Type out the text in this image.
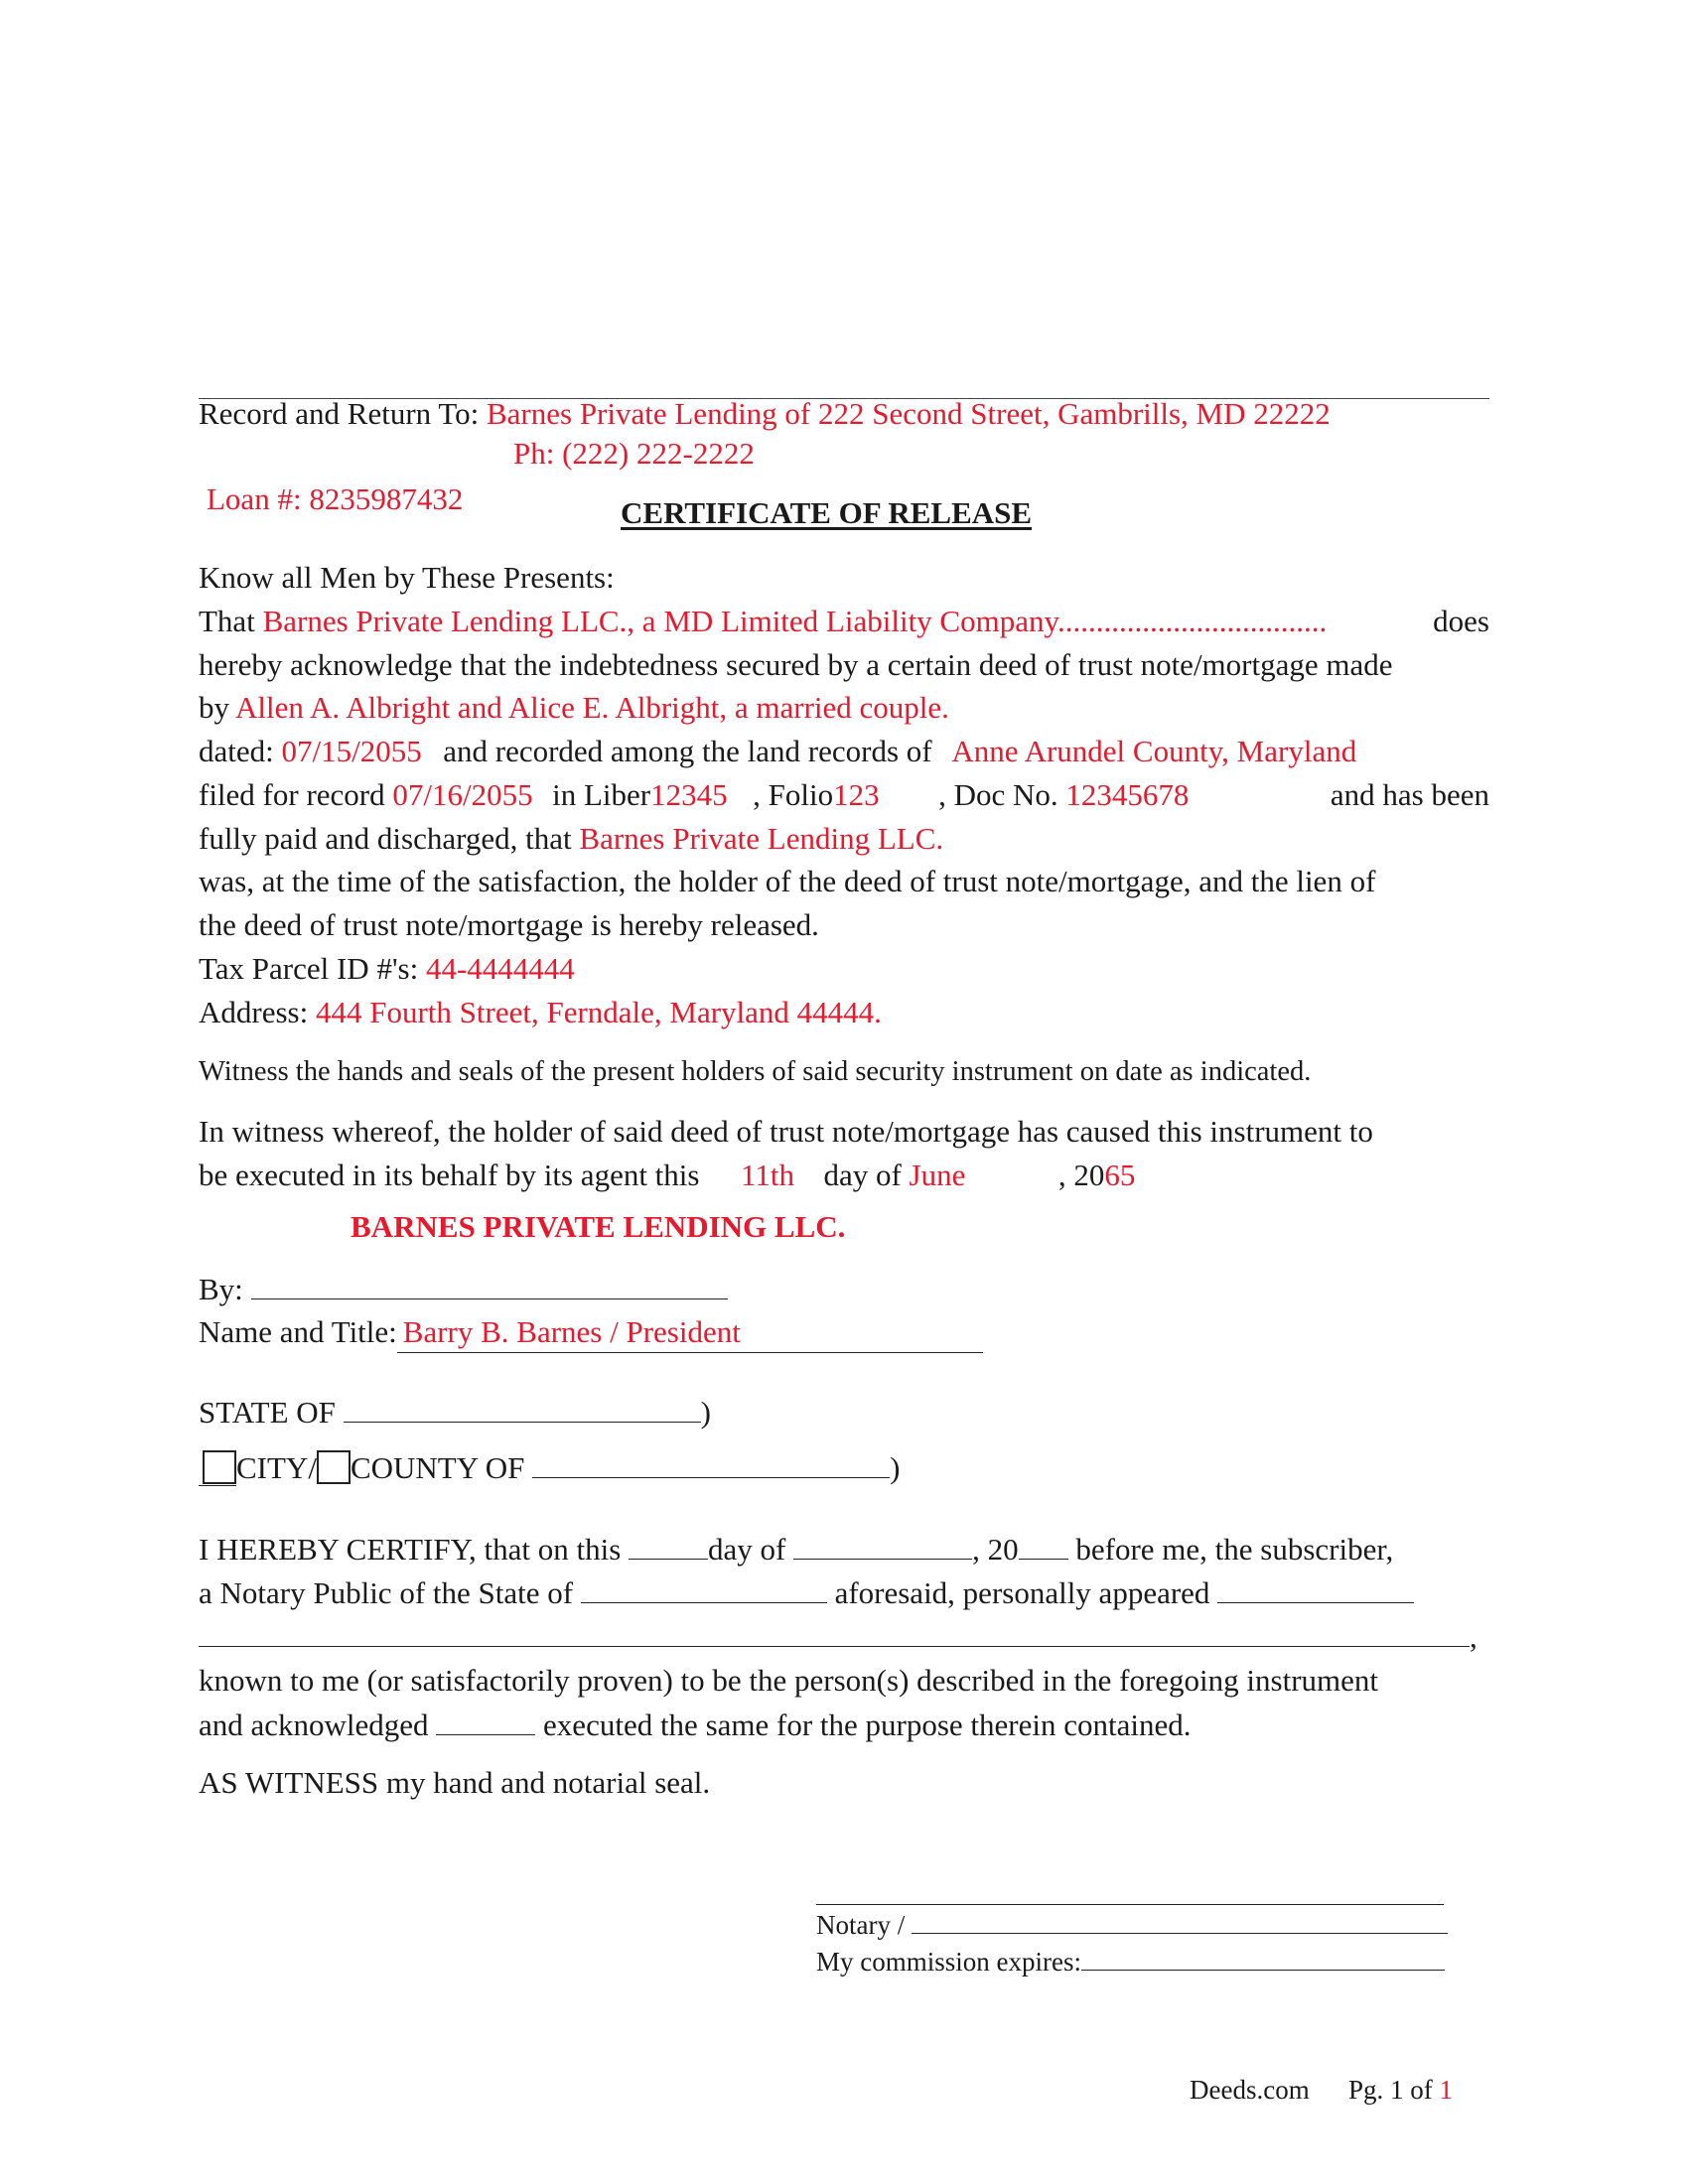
Record and Return To: Barnes Private Lending of 222 Second Street, Gambrills, MD 22222
Ph: (222) 222-2222
Loan #: 8235987432	CERTIFICATE OF RELEASE
Know all Men by These Presents:
That Barnes Private Lending LLC., a MD Limited Liability Company...................................	does
hereby acknowledge that the indebtedness secured by a certain deed of trust note/mortgage made
by Allen A. Albright and Alice E. Albright, a married couple.
dated: 07/15/2055 and recorded among the land records of Anne Arundel County, Maryland
filed for record 07/16/2055 in Liber12345 , Folio123 , Doc No. 12345678	and has been
fully paid and discharged, that Barnes Private Lending LLC.
was, at the time of the satisfaction, the holder of the deed of trust note/mortgage, and the lien of
the deed of trust note/mortgage is hereby released.
Tax Parcel ID #'s: 44-4444444
Address: 444 Fourth Street, Ferndale, Maryland 44444.
Witness the hands and seals of the present holders of said security instrument on date as indicated.
In witness whereof, the holder of said deed of trust note/mortgage has caused this instrument to
be executed in its behalf by its agent this 11th day of June	, 2065
BARNES PRIVATE LENDING LLC.
By:
Name and Title: Barry B. Barnes / President
STATE OF	)
CITY/ COUNTY OF	)
I HEREBY CERTIFY, that on this	day of	, 20 before me, the subscriber,
a Notary Public of the State of	aforesaid, personally appeared
,
known to me (or satisfactorily proven) to be the person(s) described in the foregoing instrument
and acknowledged	executed the same for the purpose therein contained.
AS WITNESS my hand and notarial seal.
Notary /
My commission expires:
Deeds.com Pg. 1 of 1
